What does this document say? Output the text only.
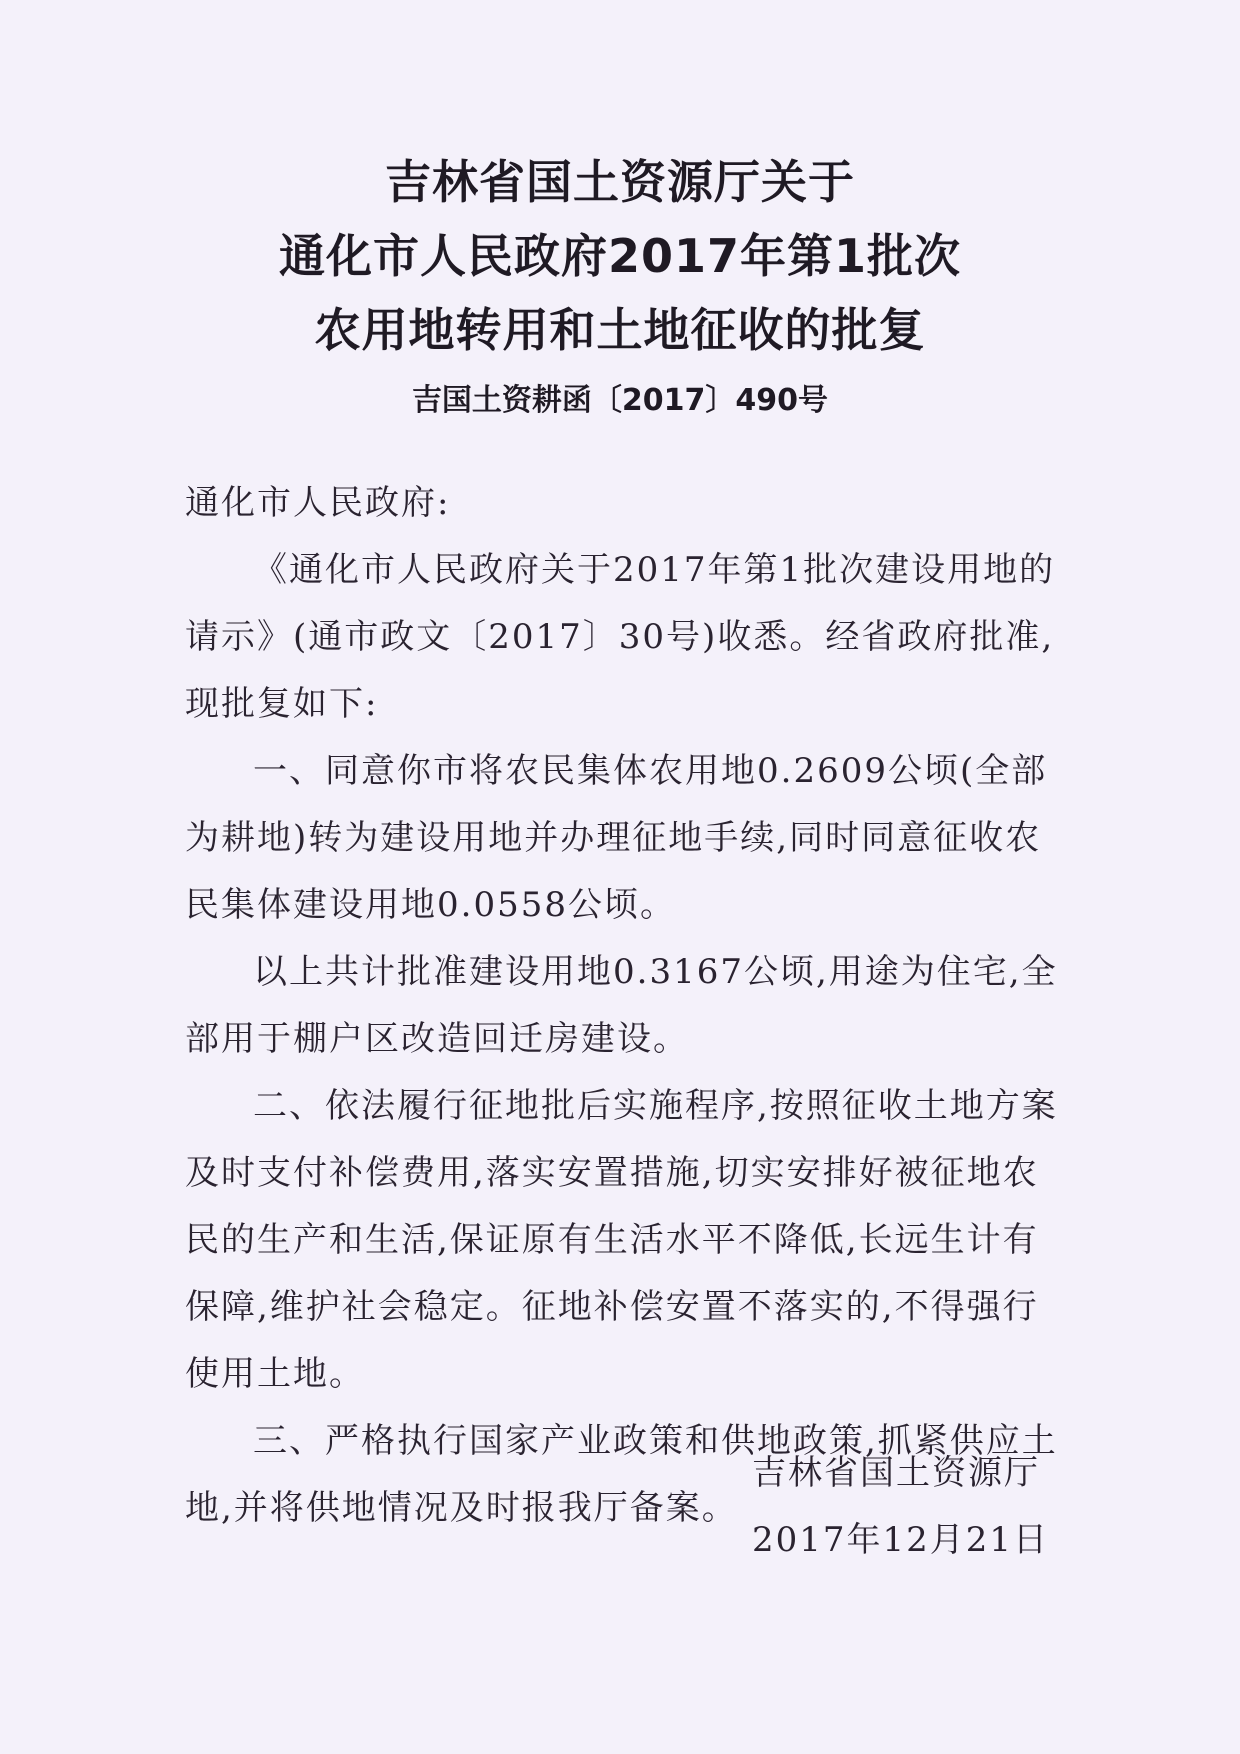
吉林省国土资源厅关于
通化市人民政府2017年第1批次
农用地转用和土地征收的批复
吉国土资耕函〔2017〕490号

通化市人民政府:

《通化市人民政府关于2017年第1批次建设用地的请示》(通市政文〔2017〕30号)收悉。经省政府批准,现批复如下:

一、同意你市将农民集体农用地0.2609公顷(全部为耕地)转为建设用地并办理征地手续,同时同意征收农民集体建设用地0.0558公顷。

以上共计批准建设用地0.3167公顷,用途为住宅,全部用于棚户区改造回迁房建设。

二、依法履行征地批后实施程序,按照征收土地方案及时支付补偿费用,落实安置措施,切实安排好被征地农民的生产和生活,保证原有生活水平不降低,长远生计有保障,维护社会稳定。征地补偿安置不落实的,不得强行使用土地。

三、严格执行国家产业政策和供地政策,抓紧供应土地,并将供地情况及时报我厅备案。

吉林省国土资源厅
2017年12月21日
